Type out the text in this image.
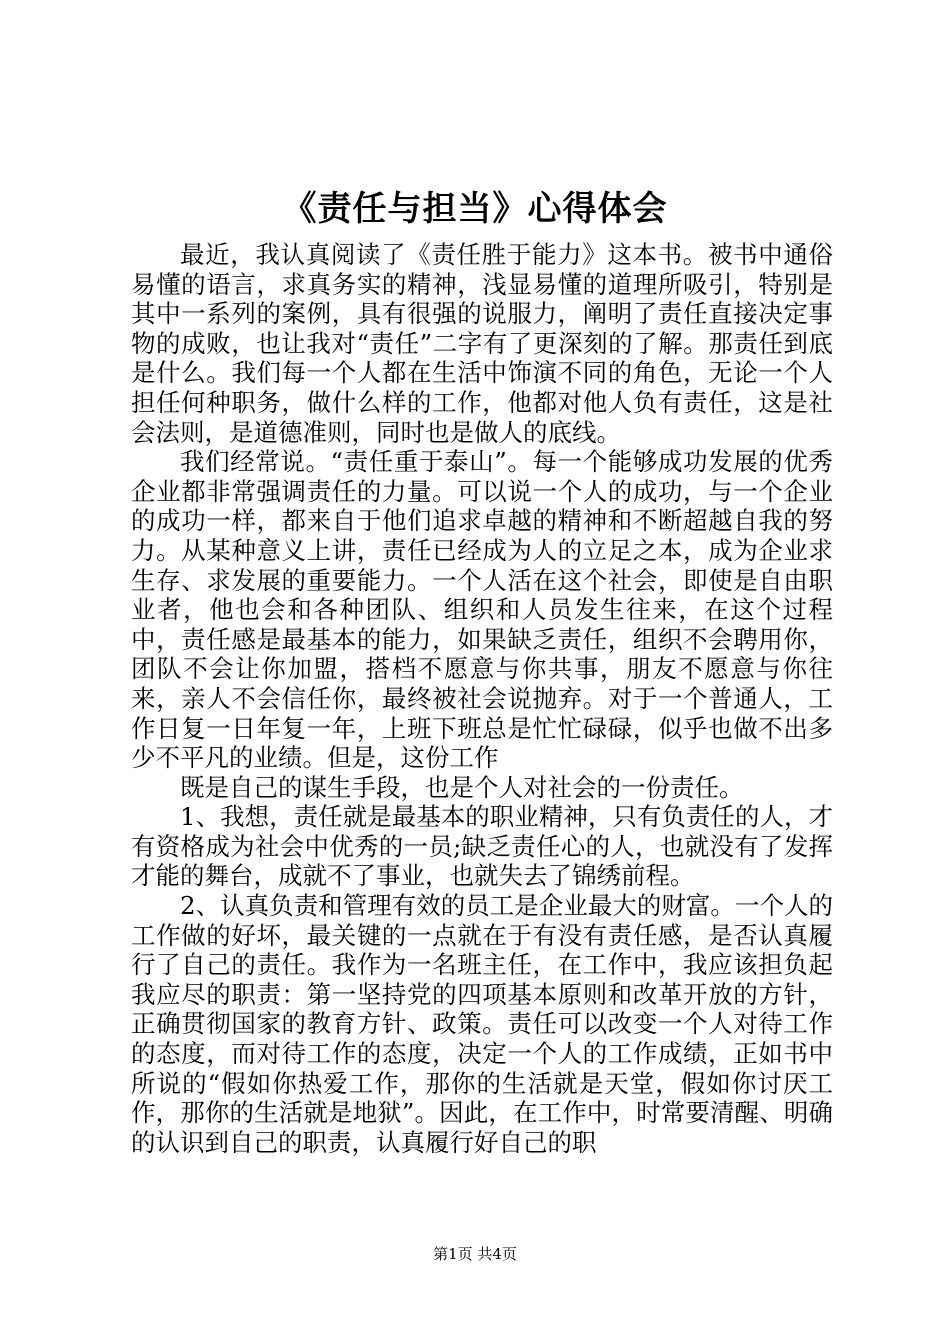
《责任与担当》心得体会

最近，我认真阅读了《责任胜于能力》这本书。被书中通俗易懂的语言，求真务实的精神，浅显易懂的道理所吸引，特别是其中一系列的案例，具有很强的说服力，阐明了责任直接决定事物的成败，也让我对“责任”二字有了更深刻的了解。那责任到底是什么。我们每一个人都在生活中饰演不同的角色，无论一个人担任何种职务，做什么样的工作，他都对他人负有责任，这是社会法则，是道德准则，同时也是做人的底线。

我们经常说。“责任重于泰山”。每一个能够成功发展的优秀企业都非常强调责任的力量。可以说一个人的成功，与一个企业的成功一样，都来自于他们追求卓越的精神和不断超越自我的努力。从某种意义上讲，责任已经成为人的立足之本，成为企业求生存、求发展的重要能力。一个人活在这个社会，即使是自由职业者，他也会和各种团队、组织和人员发生往来，在这个过程中，责任感是最基本的能力，如果缺乏责任，组织不会聘用你，团队不会让你加盟，搭档不愿意与你共事，朋友不愿意与你往来，亲人不会信任你，最终被社会说抛弃。对于一个普通人，工作日复一日年复一年，上班下班总是忙忙碌碌，似乎也做不出多少不平凡的业绩。但是，这份工作

既是自己的谋生手段，也是个人对社会的一份责任。

1、我想，责任就是最基本的职业精神，只有负责任的人，才有资格成为社会中优秀的一员;缺乏责任心的人，也就没有了发挥才能的舞台，成就不了事业，也就失去了锦绣前程。

2、认真负责和管理有效的员工是企业最大的财富。一个人的工作做的好坏，最关键的一点就在于有没有责任感，是否认真履行了自己的责任。我作为一名班主任，在工作中，我应该担负起我应尽的职责：第一坚持党的四项基本原则和改革开放的方针，正确贯彻国家的教育方针、政策。责任可以改变一个人对待工作的态度，而对待工作的态度，决定一个人的工作成绩，正如书中所说的“假如你热爱工作，那你的生活就是天堂，假如你讨厌工作，那你的生活就是地狱”。因此，在工作中，时常要清醒、明确的认识到自己的职责，认真履行好自己的职

第1页 共4页
